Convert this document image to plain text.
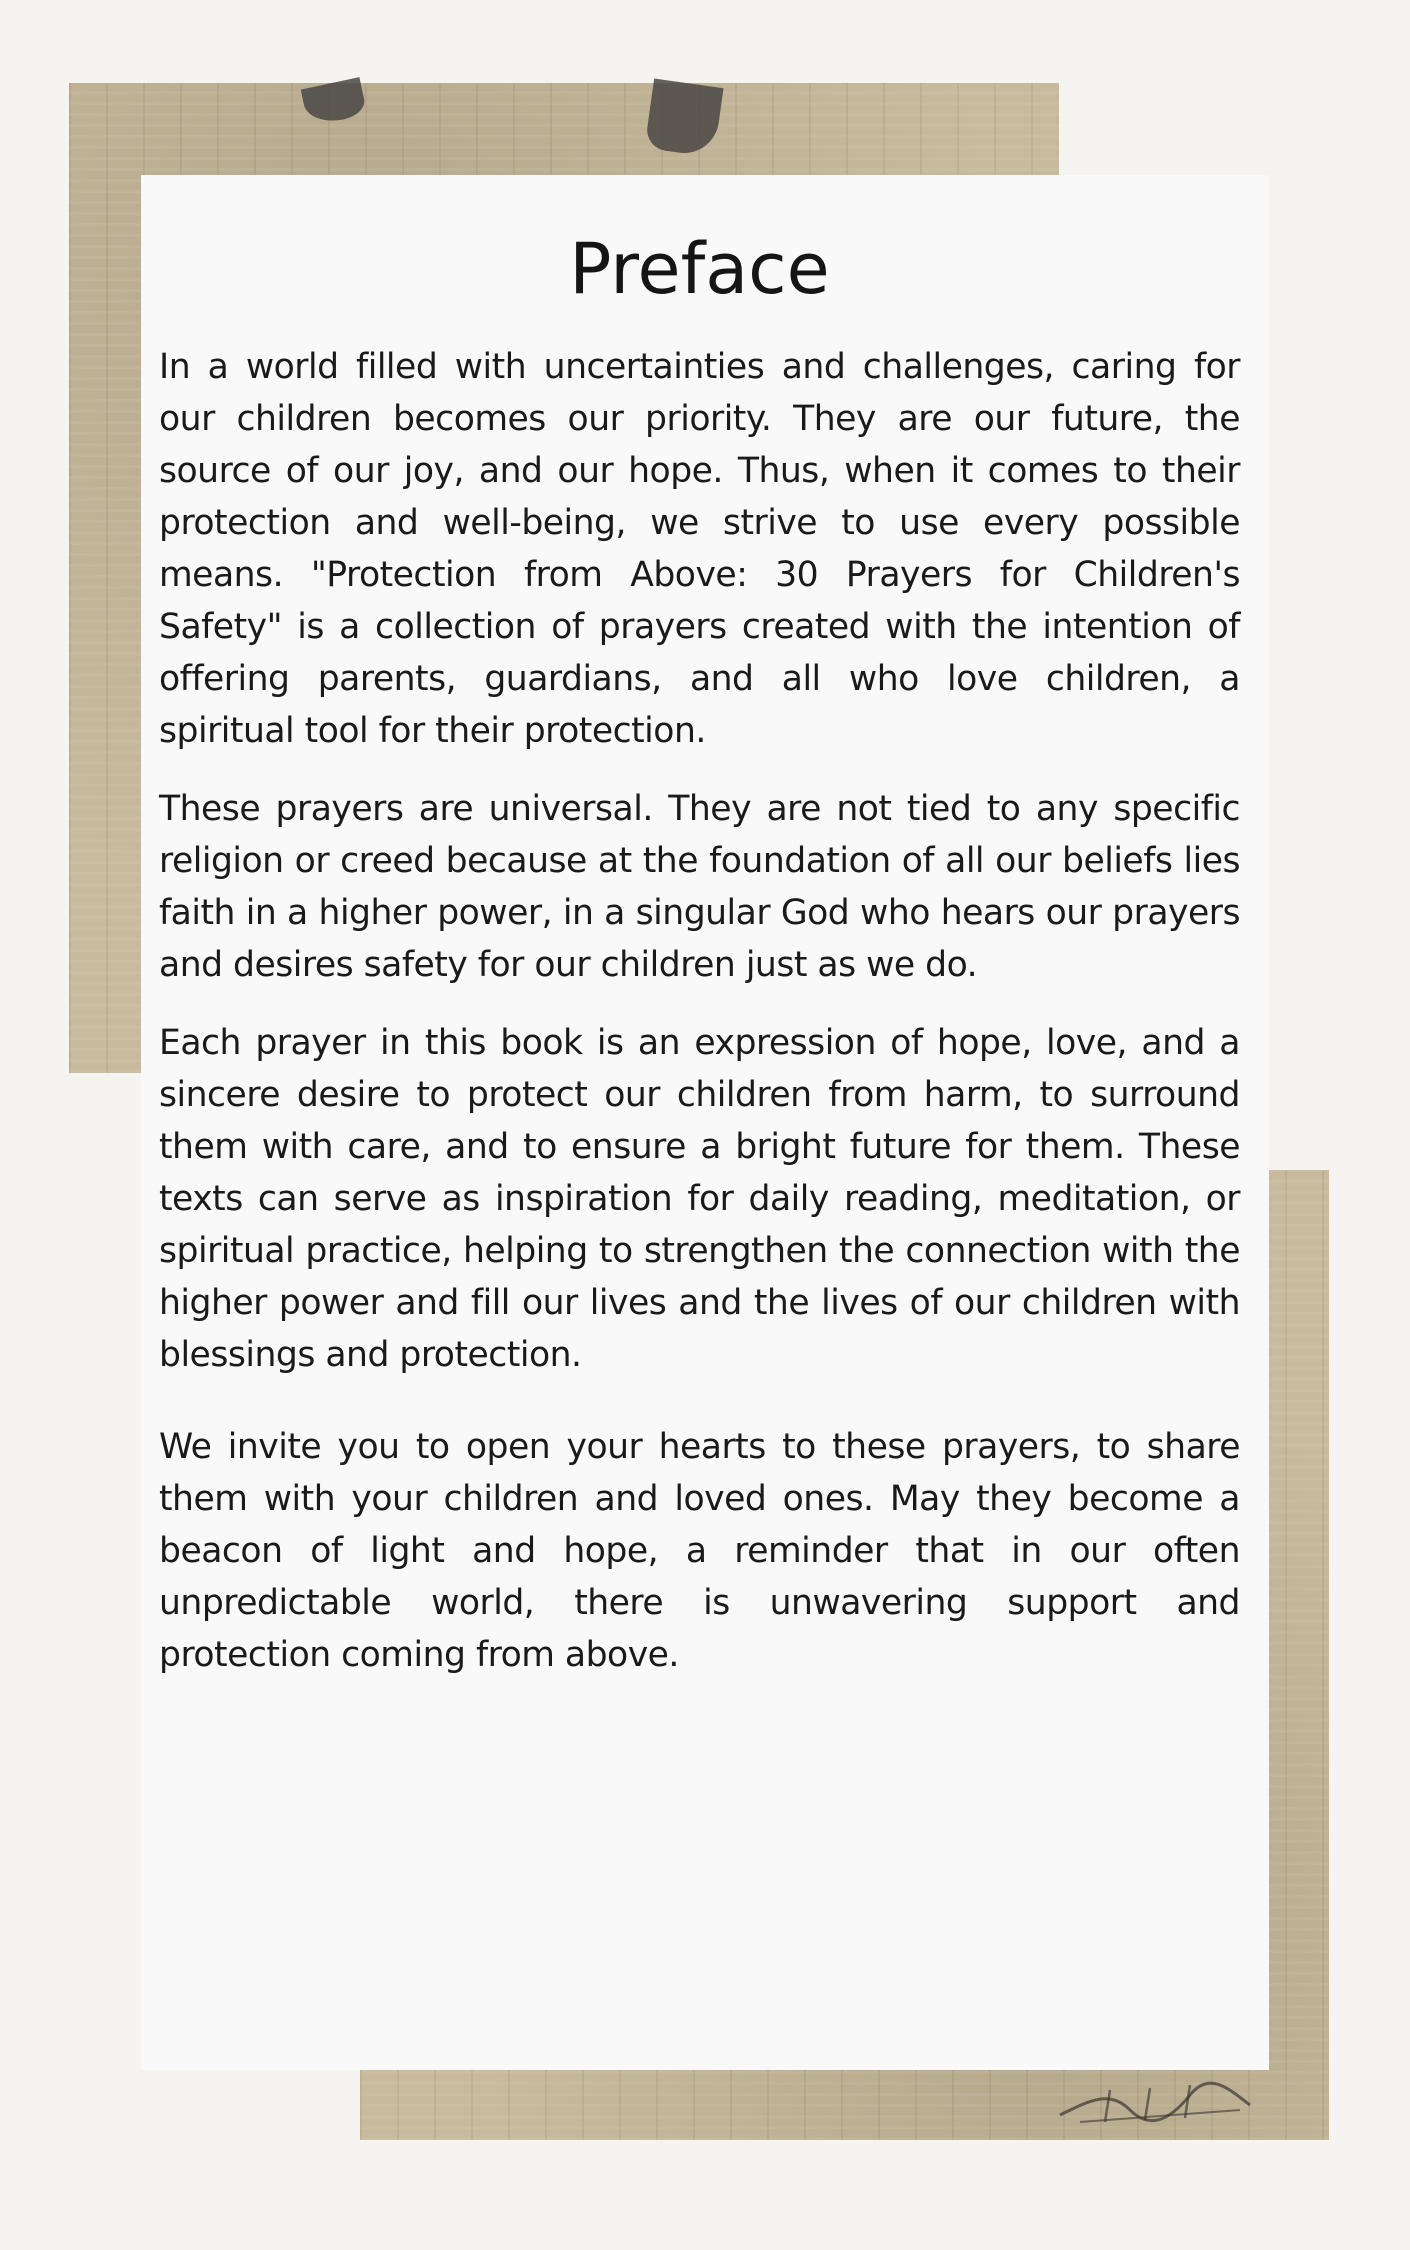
Preface

In a world filled with uncertainties and challenges, caring for our children becomes our priority. They are our future, the source of our joy, and our hope. Thus, when it comes to their protection and well-being, we strive to use every possible means. "Protection from Above: 30 Prayers for Children's Safety" is a collection of prayers created with the intention of offering parents, guardians, and all who love children, a spiritual tool for their protection.

These prayers are universal. They are not tied to any specific religion or creed because at the foundation of all our beliefs lies faith in a higher power, in a singular God who hears our prayers and desires safety for our children just as we do.

Each prayer in this book is an expression of hope, love, and a sincere desire to protect our children from harm, to surround them with care, and to ensure a bright future for them. These texts can serve as inspiration for daily reading, meditation, or spiritual practice, helping to strengthen the connection with the higher power and fill our lives and the lives of our children with blessings and protection.

We invite you to open your hearts to these prayers, to share them with your children and loved ones. May they become a beacon of light and hope, a reminder that in our often unpredictable world, there is unwavering support and protection coming from above.
